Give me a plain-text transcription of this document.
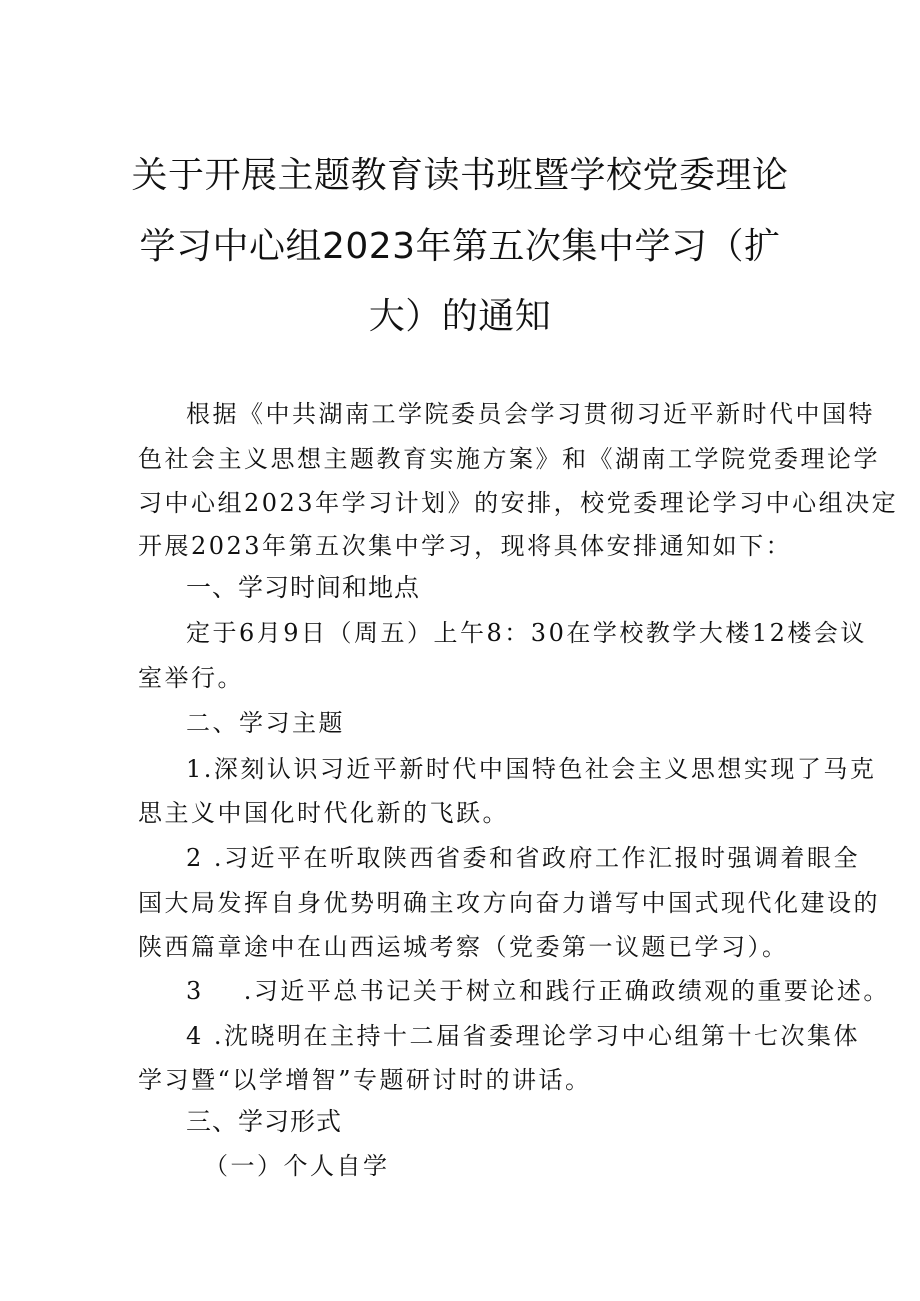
关于开展主题教育读书班暨学校党委理论
学习中心组2023年第五次集中学习（扩
大）的通知
根据《中共湖南工学院委员会学习贯彻习近平新时代中国特
色社会主义思想主题教育实施方案》和《湖南工学院党委理论学
习中心组2023年学习计划》的安排，校党委理论学习中心组决定
开展2023年第五次集中学习，现将具体安排通知如下：
一、学习时间和地点
定于6月9日（周五）上午8：30在学校教学大楼12楼会议
室举行。
二、学习主题
1.深刻认识习近平新时代中国特色社会主义思想实现了马克
思主义中国化时代化新的飞跃。
2 .习近平在听取陕西省委和省政府工作汇报时强调着眼全
国大局发挥自身优势明确主攻方向奋力谱写中国式现代化建设的
陕西篇章途中在山西运城考察（党委第一议题已学习）。
3 .习近平总书记关于树立和践行正确政绩观的重要论述。
4 .沈晓明在主持十二届省委理论学习中心组第十七次集体
学习暨“以学增智”专题研讨时的讲话。
三、学习形式
（一）个人自学
